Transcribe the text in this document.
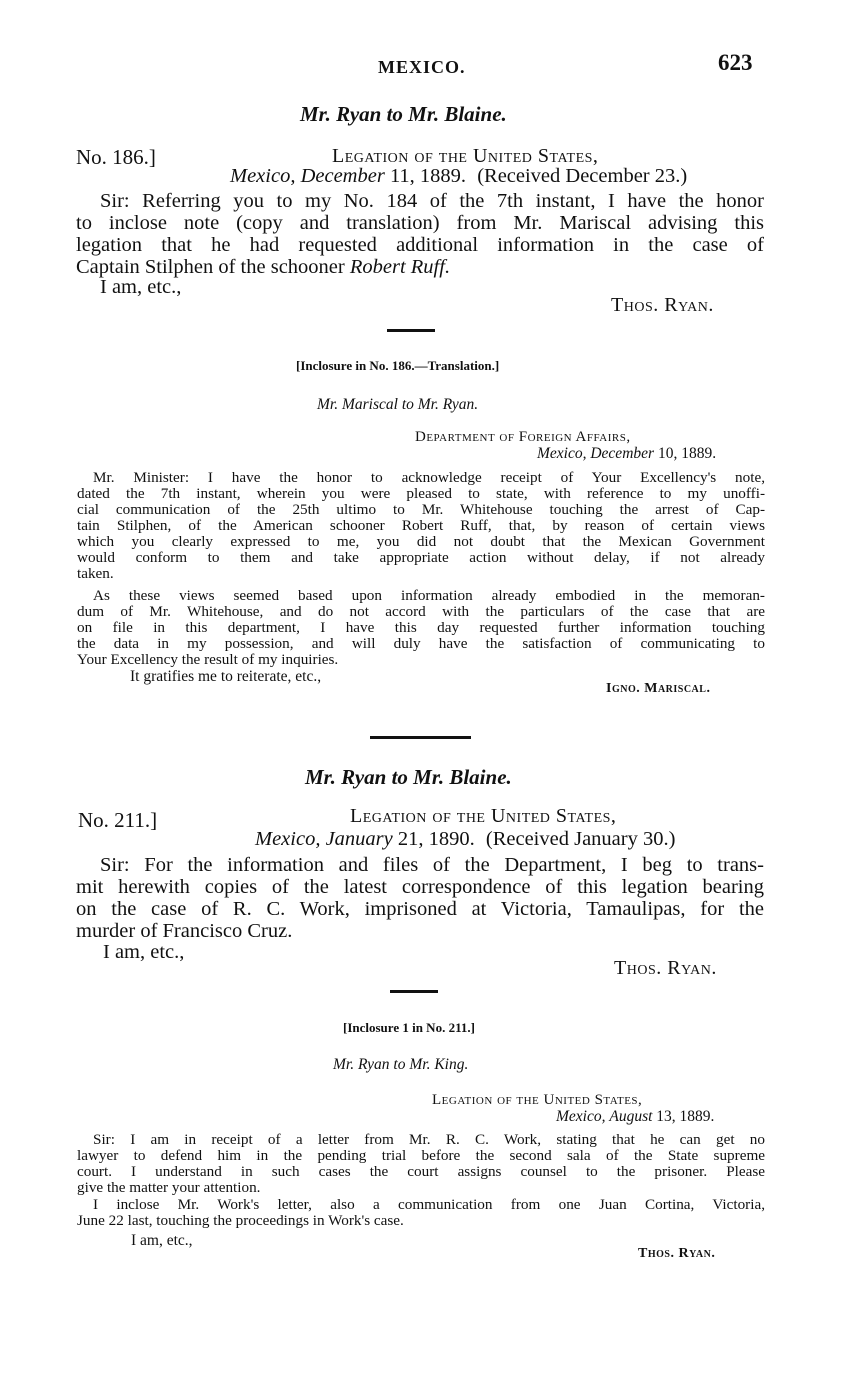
MEXICO.	623
Mr. Ryan to Mr. Blaine.
No. 186.]	Legation of the United States,
Mexico, December 11, 1889. (Received December 23.)
Sir: Referring you to my No. 184 of the 7th instant, I have the honor
to inclose note (copy and translation) from Mr. Mariscal advising this
legation that he had requested additional information in the case of
Captain Stilphen of the schooner Robert Ruff.
I am, etc.,
Thos. Ryan.
[Inclosure in No. 186.—Translation.]
Mr. Mariscal to Mr. Ryan.
Department of Foreign Affairs,
Mexico, December 10, 1889.
Mr. Minister: I have the honor to acknowledge receipt of Your Excellency's note,
dated the 7th instant, wherein you were pleased to state, with reference to my unoffi-
cial communication of the 25th ultimo to Mr. Whitehouse touching the arrest of Cap-
tain Stilphen, of the American schooner Robert Ruff, that, by reason of certain views
which you clearly expressed to me, you did not doubt that the Mexican Government
would conform to them and take appropriate action without delay, if not already
taken.
As these views seemed based upon information already embodied in the memoran-
dum of Mr. Whitehouse, and do not accord with the particulars of the case that are
on file in this department, I have this day requested further information touching
the data in my possession, and will duly have the satisfaction of communicating to
Your Excellency the result of my inquiries.
It gratifies me to reiterate, etc.,
Igno. Mariscal.
Mr. Ryan to Mr. Blaine.
No. 211.]	Legation of the United States,
Mexico, January 21, 1890. (Received January 30.)
Sir: For the information and files of the Department, I beg to trans-
mit herewith copies of the latest correspondence of this legation bearing
on the case of R. C. Work, imprisoned at Victoria, Tamaulipas, for the
murder of Francisco Cruz.
I am, etc.,
Thos. Ryan.
[Inclosure 1 in No. 211.]
Mr. Ryan to Mr. King.
Legation of the United States,
Mexico, August 13, 1889.
Sir: I am in receipt of a letter from Mr. R. C. Work, stating that he can get no
lawyer to defend him in the pending trial before the second sala of the State supreme
court. I understand in such cases the court assigns counsel to the prisoner. Please
give the matter your attention.
I inclose Mr. Work's letter, also a communication from one Juan Cortina, Victoria,
June 22 last, touching the proceedings in Work's case.
I am, etc.,
Thos. Ryan.
